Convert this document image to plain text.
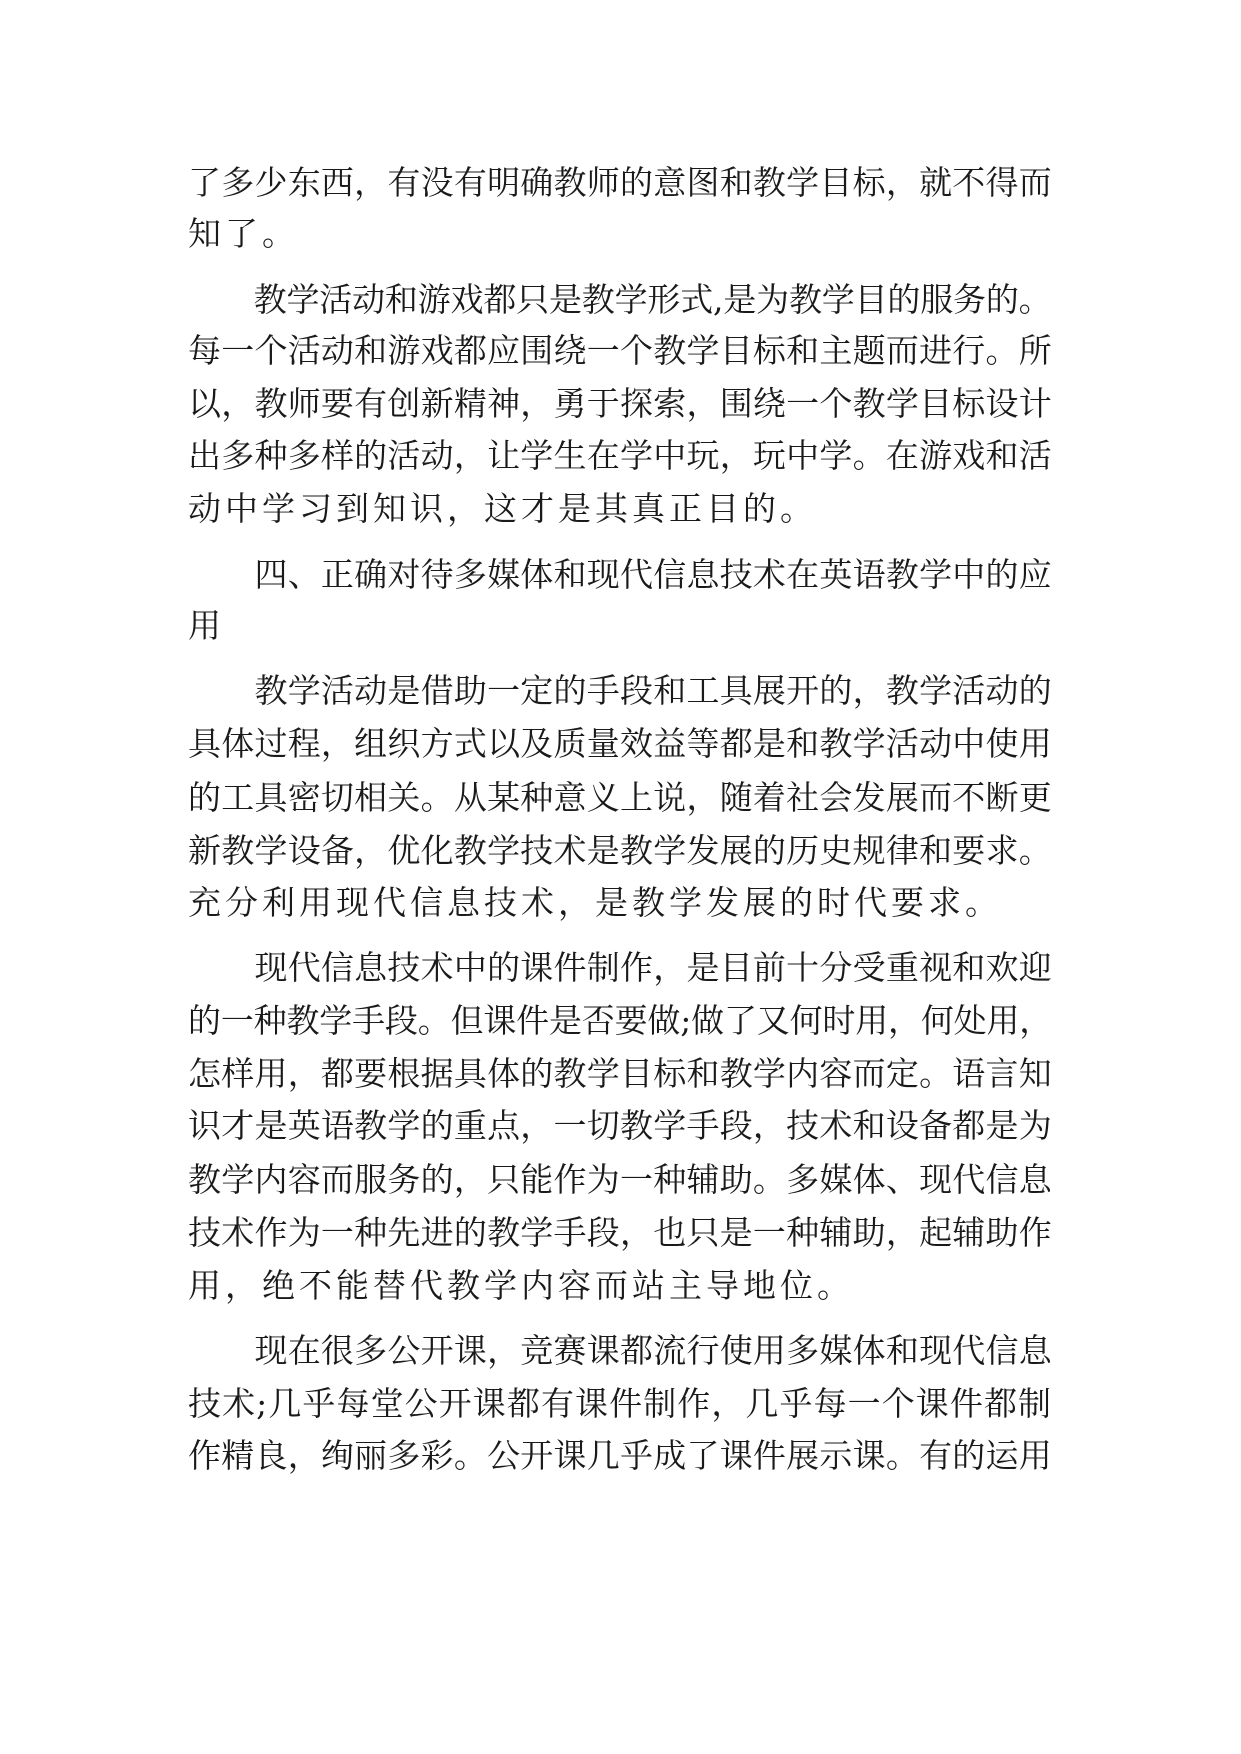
了多少东西，有没有明确教师的意图和教学目标，就不得而
知了。
　　教学活动和游戏都只是教学形式,是为教学目的服务的。
每一个活动和游戏都应围绕一个教学目标和主题而进行。所
以，教师要有创新精神，勇于探索，围绕一个教学目标设计
出多种多样的活动，让学生在学中玩，玩中学。在游戏和活
动中学习到知识，这才是其真正目的。
　　四、正确对待多媒体和现代信息技术在英语教学中的应
用
　　教学活动是借助一定的手段和工具展开的，教学活动的
具体过程，组织方式以及质量效益等都是和教学活动中使用
的工具密切相关。从某种意义上说，随着社会发展而不断更
新教学设备，优化教学技术是教学发展的历史规律和要求。
充分利用现代信息技术，是教学发展的时代要求。
　　现代信息技术中的课件制作，是目前十分受重视和欢迎
的一种教学手段。但课件是否要做;做了又何时用，何处用，
怎样用，都要根据具体的教学目标和教学内容而定。语言知
识才是英语教学的重点，一切教学手段，技术和设备都是为
教学内容而服务的，只能作为一种辅助。多媒体、现代信息
技术作为一种先进的教学手段，也只是一种辅助，起辅助作
用，绝不能替代教学内容而站主导地位。
　　现在很多公开课，竞赛课都流行使用多媒体和现代信息
技术;几乎每堂公开课都有课件制作，几乎每一个课件都制
作精良，绚丽多彩。公开课几乎成了课件展示课。有的运用
